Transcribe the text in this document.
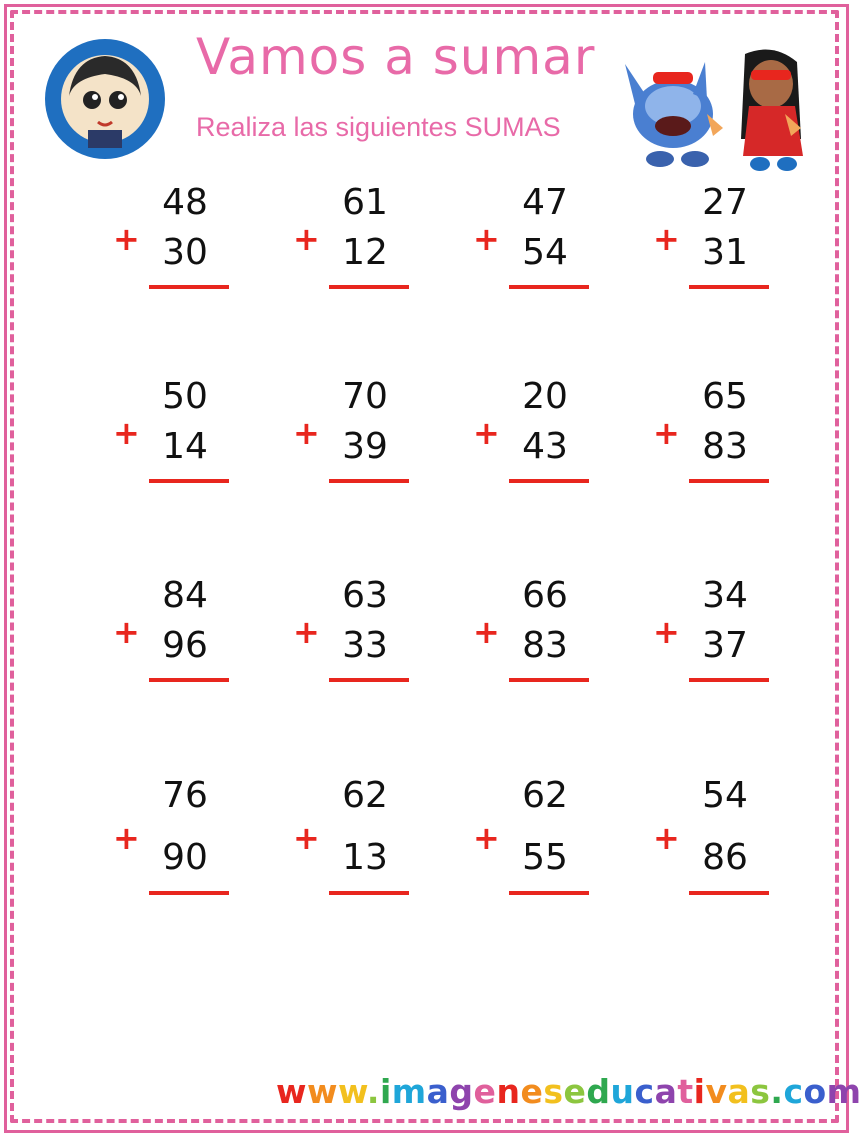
Vamos a sumar
Realiza las siguientes SUMAS
+
48
30	+
61
12	+
47
54	+
27
31
+
50
14	+
70
39	+
20
43	+
65
83
+
84
96	+
63
33	+
66
83	+
34
37
+
76
90	+
62
13	+
62
55	+
54
86
www.imageneseducativas.com
